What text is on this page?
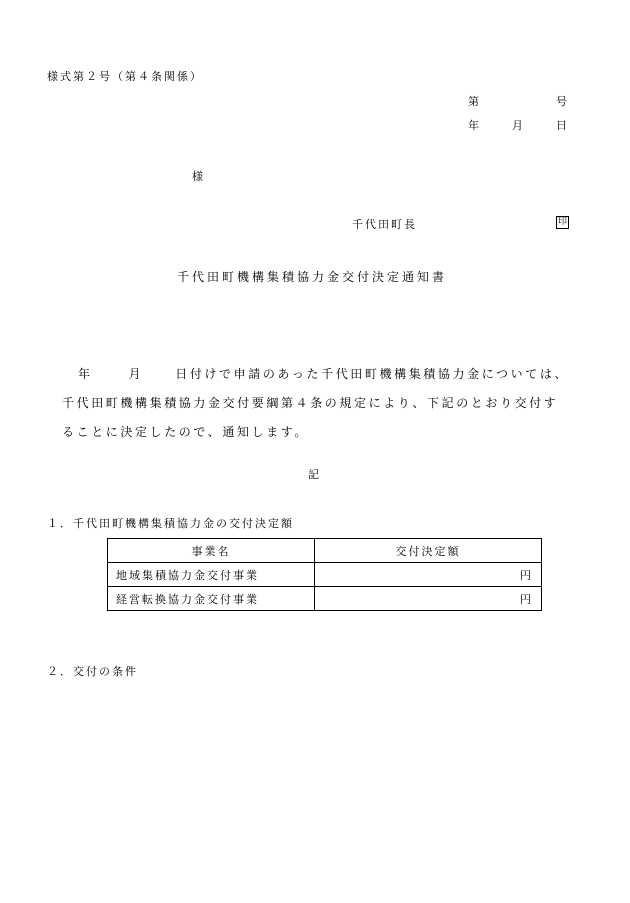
様式第２号（第４条関係）
第	号
年	月	日
様
千代田町長	印
千代田町機構集積協力金交付決定通知書
年	月	日付けで申請のあった千代田町機構集積協力金については、
千代田町機構集積協力金交付要綱第４条の規定により、下記のとおり交付す
ることに決定したので、通知します。
記
１．千代田町機構集積協力金の交付決定額
事業名	交付決定額
地域集積協力金交付事業	円
経営転換協力金交付事業	円
２．交付の条件
